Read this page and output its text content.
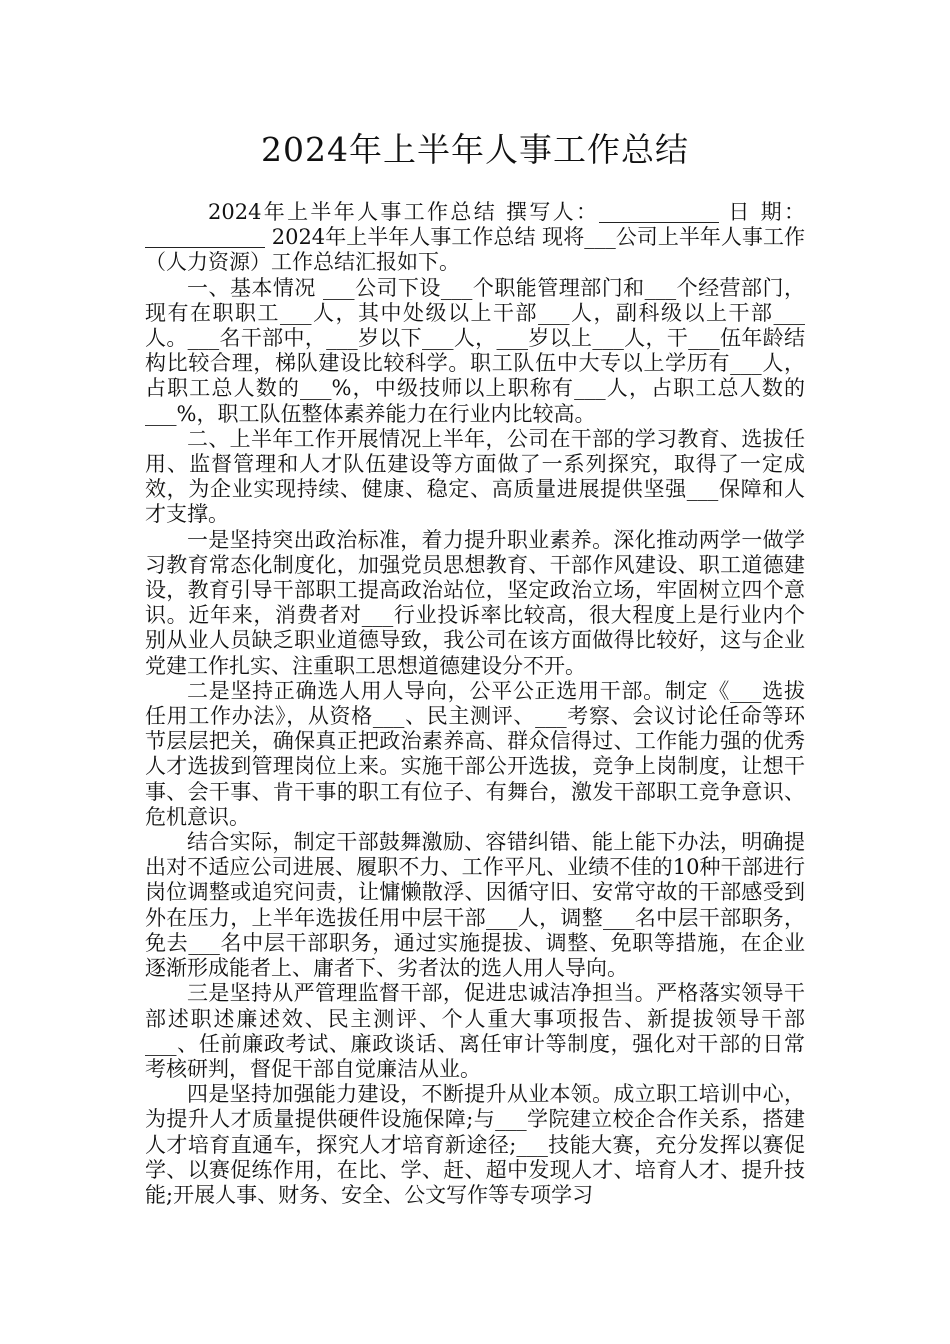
2024年上半年人事工作总结

2024年上半年人事工作总结 撰写人：	日 期： 2024年上半年人事工作总结 现将___公司上半年人事工作（人力资源）工作总结汇报如下。

一、基本情况 ___公司下设___个职能管理部门和___个经营部门，现有在职职工___人，其中处级以上干部___人，副科级以上干部___人。___名干部中，___岁以下___人，___岁以上___人，干___伍年龄结构比较合理，梯队建设比较科学。职工队伍中大专以上学历有___人，占职工总人数的___%，中级技师以上职称有___人，占职工总人数的___%，职工队伍整体素养能力在行业内比较高。

二、上半年工作开展情况上半年，公司在干部的学习教育、选拔任用、监督管理和人才队伍建设等方面做了一系列探究，取得了一定成效，为企业实现持续、健康、稳定、高质量进展提供坚强___保障和人才支撑。

一是坚持突出政治标准，着力提升职业素养。深化推动两学一做学习教育常态化制度化，加强党员思想教育、干部作风建设、职工道德建设，教育引导干部职工提高政治站位，坚定政治立场，牢固树立四个意识。近年来，消费者对___行业投诉率比较高，很大程度上是行业内个别从业人员缺乏职业道德导致，我公司在该方面做得比较好，这与企业党建工作扎实、注重职工思想道德建设分不开。

二是坚持正确选人用人导向，公平公正选用干部。制定《___选拔任用工作办法》，从资格___、民主测评、___考察、会议讨论任命等环节层层把关，确保真正把政治素养高、群众信得过、工作能力强的优秀人才选拔到管理岗位上来。实施干部公开选拔，竞争上岗制度，让想干事、会干事、肯干事的职工有位子、有舞台，激发干部职工竞争意识、危机意识。

结合实际，制定干部鼓舞激励、容错纠错、能上能下办法，明确提出对不适应公司进展、履职不力、工作平凡、业绩不佳的10种干部进行岗位调整或追究问责，让慵懒散浮、因循守旧、安常守故的干部感受到外在压力，上半年选拔任用中层干部___人，调整___名中层干部职务，免去___名中层干部职务，通过实施提拔、调整、免职等措施，在企业逐渐形成能者上、庸者下、劣者汰的选人用人导向。

三是坚持从严管理监督干部，促进忠诚洁净担当。严格落实领导干部述职述廉述效、民主测评、个人重大事项报告、新提拔领导干部___、任前廉政考试、廉政谈话、离任审计等制度，强化对干部的日常考核研判，督促干部自觉廉洁从业。

四是坚持加强能力建设，不断提升从业本领。成立职工培训中心，为提升人才质量提供硬件设施保障;与___学院建立校企合作关系，搭建人才培育直通车，探究人才培育新途径;___技能大赛，充分发挥以赛促学、以赛促练作用，在比、学、赶、超中发现人才、培育人才、提升技能;开展人事、财务、安全、公文写作等专项学习
